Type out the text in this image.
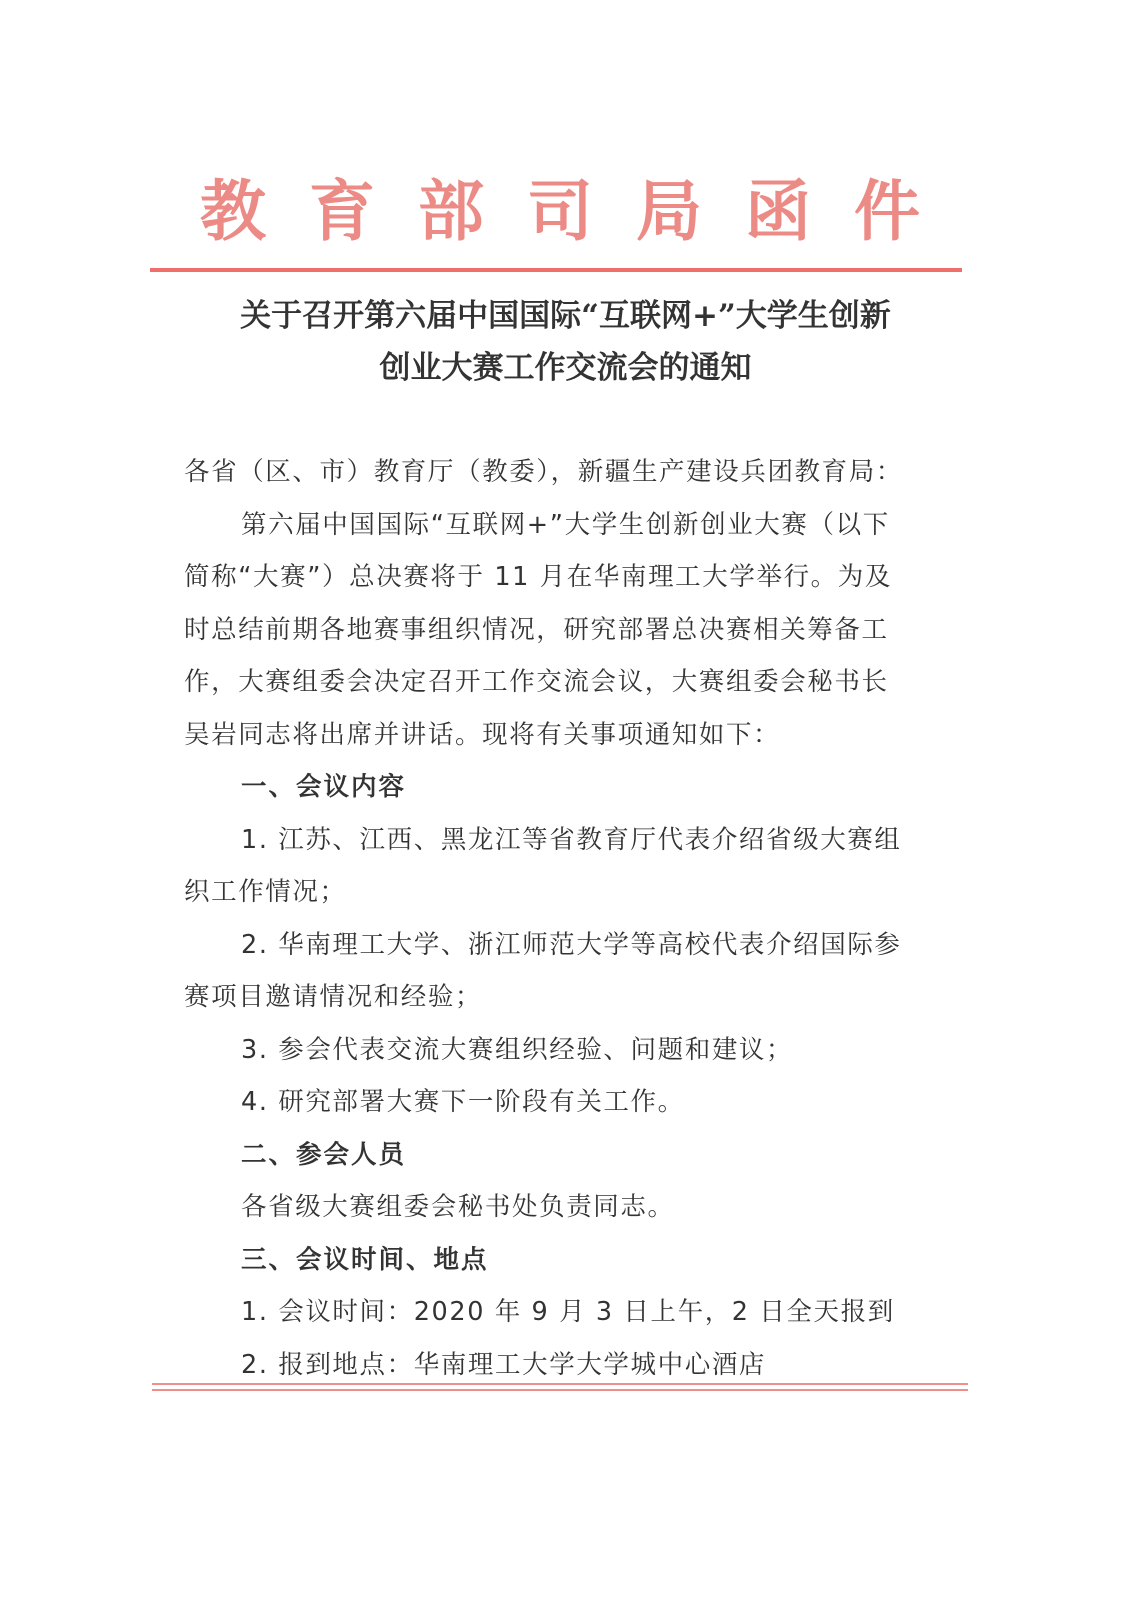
教 育 部 司 局 函 件
关于召开第六届中国国际“互联网+”大学生创新
创业大赛工作交流会的通知
各省（区、市）教育厅（教委），新疆生产建设兵团教育局：
第六届中国国际“互联网+”大学生创新创业大赛（以下
简称“大赛”）总决赛将于 11 月在华南理工大学举行。为及
时总结前期各地赛事组织情况，研究部署总决赛相关筹备工
作，大赛组委会决定召开工作交流会议，大赛组委会秘书长
吴岩同志将出席并讲话。现将有关事项通知如下：
一、会议内容
1. 江苏、江西、黑龙江等省教育厅代表介绍省级大赛组
织工作情况；
2. 华南理工大学、浙江师范大学等高校代表介绍国际参
赛项目邀请情况和经验；
3. 参会代表交流大赛组织经验、问题和建议；
4. 研究部署大赛下一阶段有关工作。
二、参会人员
各省级大赛组委会秘书处负责同志。
三、会议时间、地点
1. 会议时间：2020 年 9 月 3 日上午，2 日全天报到
2. 报到地点：华南理工大学大学城中心酒店
